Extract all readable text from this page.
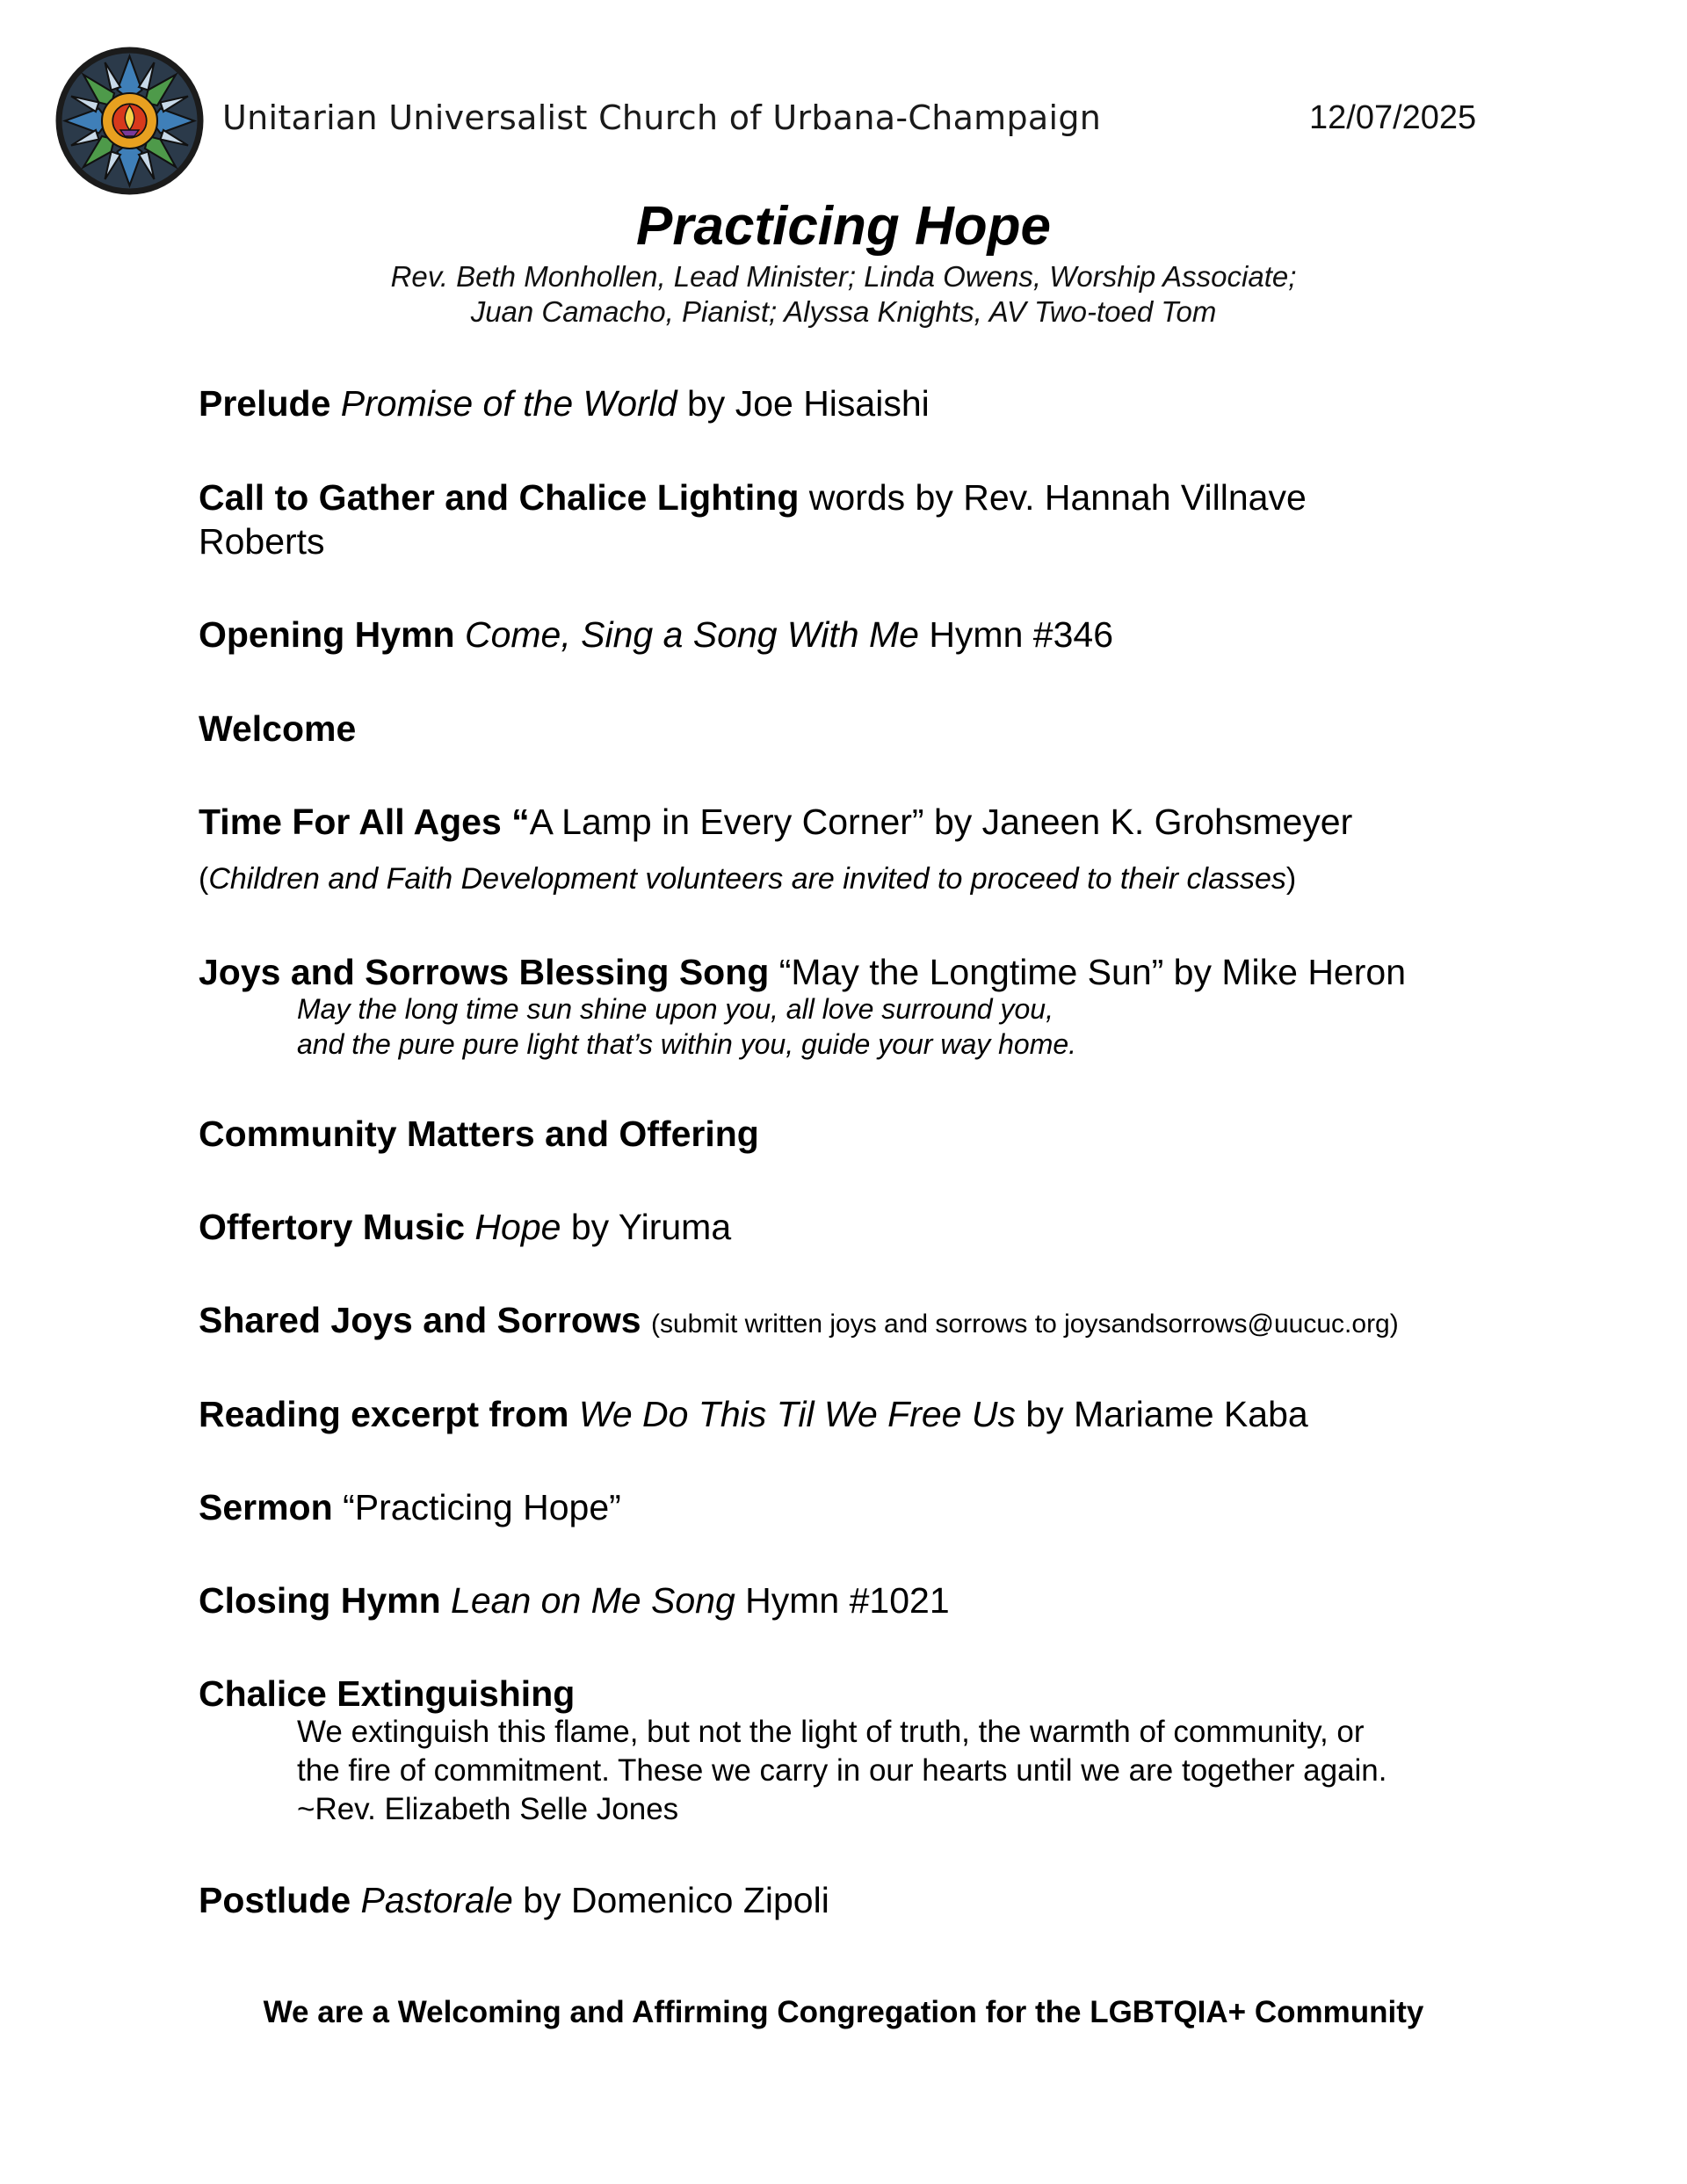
Unitarian Universalist Church of Urbana-Champaign	12/07/2025
Practicing Hope
Rev. Beth Monhollen, Lead Minister; Linda Owens, Worship Associate;
Juan Camacho, Pianist; Alyssa Knights, AV Two-toed Tom
Prelude Promise of the World by Joe Hisaishi
Call to Gather and Chalice Lighting words by Rev. Hannah Villnave
Roberts
Opening Hymn Come, Sing a Song With Me Hymn #346
Welcome
Time For All Ages “A Lamp in Every Corner” by Janeen K. Grohsmeyer
(Children and Faith Development volunteers are invited to proceed to their classes)
Joys and Sorrows Blessing Song “May the Longtime Sun” by Mike Heron
May the long time sun shine upon you, all love surround you,
and the pure pure light that’s within you, guide your way home.
Community Matters and Offering
Offertory Music Hope by Yiruma
Shared Joys and Sorrows (submit written joys and sorrows to joysandsorrows@uucuc.org)
Reading excerpt from We Do This Til We Free Us by Mariame Kaba
Sermon “Practicing Hope”
Closing Hymn Lean on Me Song Hymn #1021
Chalice Extinguishing
We extinguish this flame, but not the light of truth, the warmth of community, or
the fire of commitment. These we carry in our hearts until we are together again.
~Rev. Elizabeth Selle Jones
Postlude Pastorale by Domenico Zipoli
We are a Welcoming and Affirming Congregation for the LGBTQIA+ Community
